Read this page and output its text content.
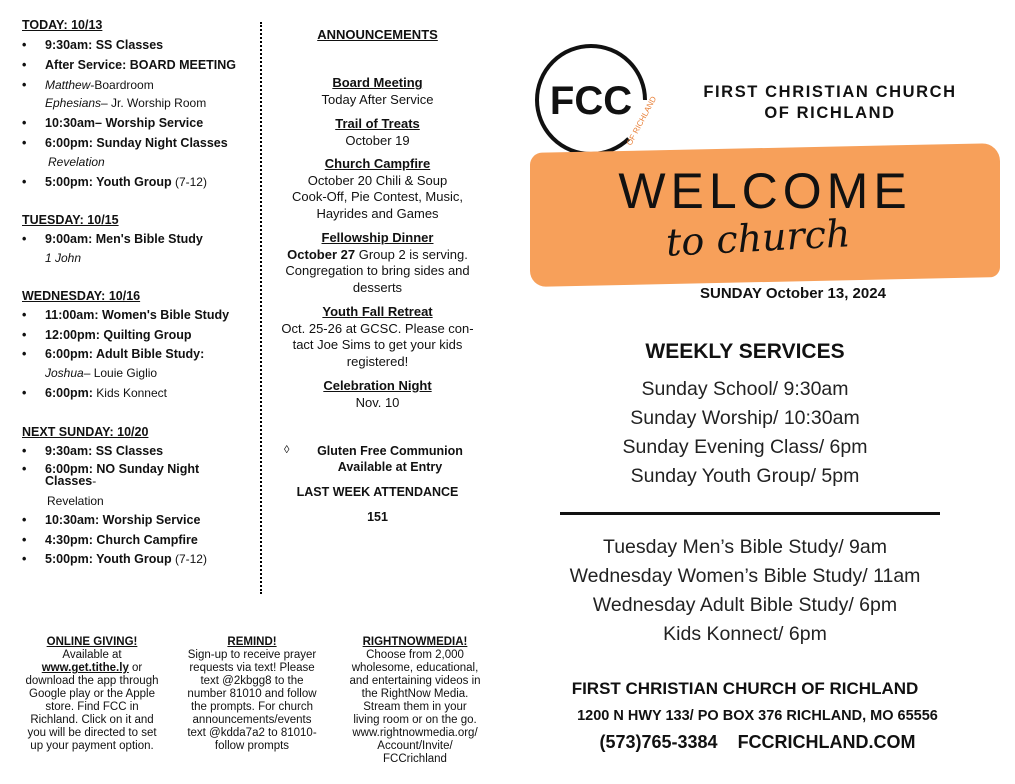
TODAY: 10/13
• 9:30am: SS Classes
• After Service: BOARD MEETING
• Matthew-Boardroom
Ephesians– Jr. Worship Room
• 10:30am– Worship Service
• 6:00pm: Sunday Night Classes
Revelation
• 5:00pm: Youth Group (7-12)
TUESDAY: 10/15
• 9:00am: Men's Bible Study
1 John
WEDNESDAY: 10/16
• 11:00am: Women's Bible Study
• 12:00pm: Quilting Group
• 6:00pm: Adult Bible Study:
Joshua– Louie Giglio
• 6:00pm: Kids Konnect
NEXT SUNDAY: 10/20
• 9:30am: SS Classes
• 6:00pm: NO Sunday Night
Classes-
Revelation
• 10:30am: Worship Service
• 4:30pm: Church Campfire
• 5:00pm: Youth Group (7-12)
ANNOUNCEMENTS
Board Meeting
Today After Service
Trail of Treats
October 19
Church Campfire
October 20 Chili & Soup
Cook-Off, Pie Contest, Music,
Hayrides and Games
Fellowship Dinner
October 27 Group 2 is serving.
Congregation to bring sides and
desserts
Youth Fall Retreat
Oct. 25-26 at GCSC. Please con-
tact Joe Sims to get your kids
registered!
Celebration Night
Nov. 10
◊	Gluten Free Communion
Available at Entry
LAST WEEK ATTENDANCE
151
FCC
OF RICHLAND
FIRST CHRISTIAN CHURCH
OF RICHLAND
WELCOME
to church
SUNDAY October 13, 2024
WEEKLY SERVICES
Sunday School/ 9:30am
Sunday Worship/ 10:30am
Sunday Evening Class/ 6pm
Sunday Youth Group/ 5pm
Tuesday Men’s Bible Study/ 9am
Wednesday Women’s Bible Study/ 11am
Wednesday Adult Bible Study/ 6pm
Kids Konnect/ 6pm
FIRST CHRISTIAN CHURCH OF RICHLAND
1200 N HWY 133/ PO BOX 376 RICHLAND, MO 65556
(573)765-3384 FCCRICHLAND.COM
ONLINE GIVING!
Available at
www.get.tithe.ly or
download the app through
Google play or the Apple
store. Find FCC in
Richland. Click on it and
you will be directed to set
up your payment option.
REMIND!
Sign-up to receive prayer
requests via text! Please
text @2kbgg8 to the
number 81010 and follow
the prompts. For church
announcements/events
text @kdda7a2 to 81010-
follow prompts
RIGHTNOWMEDIA!
Choose from 2,000
wholesome, educational,
and entertaining videos in
the RightNow Media.
Stream them in your
living room or on the go.
www.rightnowmedia.org/
Account/Invite/
FCCrichland
